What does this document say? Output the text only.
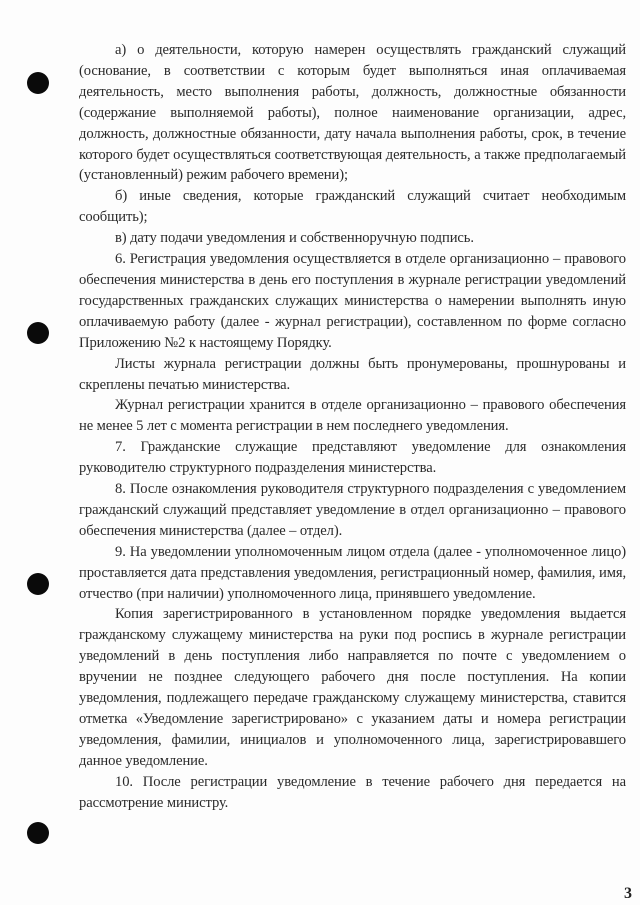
а) о деятельности, которую намерен осуществлять гражданский служащий (основание, в соответствии с которым будет выполняться иная оплачиваемая деятельность, место выполнения работы, должность, должностные обязанности (содержание выполняемой работы), полное наименование организации, адрес, должность, должностные обязанности, дату начала выполнения работы, срок, в течение которого будет осуществляться соответствующая деятельность, а также предполагаемый (установленный) режим рабочего времени);

б) иные сведения, которые гражданский служащий считает необходимым сообщить);

в) дату подачи уведомления и собственноручную подпись.

6. Регистрация уведомления осуществляется в отделе организационно – правового обеспечения министерства в день его поступления в журнале регистрации уведомлений государственных гражданских служащих министерства о намерении выполнять иную оплачиваемую работу (далее - журнал регистрации), составленном по форме согласно Приложению №2 к настоящему Порядку.

Листы журнала регистрации должны быть пронумерованы, прошнурованы и скреплены печатью министерства.

Журнал регистрации хранится в отделе организационно – правового обеспечения не менее 5 лет с момента регистрации в нем последнего уведомления.

7. Гражданские служащие представляют уведомление для ознакомления руководителю структурного подразделения министерства.

8. После ознакомления руководителя структурного подразделения с уведомлением гражданский служащий представляет уведомление в отдел организационно – правового обеспечения министерства (далее – отдел).

9. На уведомлении уполномоченным лицом отдела (далее - уполномоченное лицо) проставляется дата представления уведомления, регистрационный номер, фамилия, имя, отчество (при наличии) уполномоченного лица, принявшего уведомление.

Копия зарегистрированного в установленном порядке уведомления выдается гражданскому служащему министерства на руки под роспись в журнале регистрации уведомлений в день поступления либо направляется по почте с уведомлением о вручении не позднее следующего рабочего дня после поступления. На копии уведомления, подлежащего передаче гражданскому служащему министерства, ставится отметка «Уведомление зарегистрировано» с указанием даты и номера регистрации уведомления, фамилии, инициалов и уполномоченного лица, зарегистрировавшего данное уведомление.

10. После регистрации уведомление в течение рабочего дня передается на рассмотрение министру.

3
